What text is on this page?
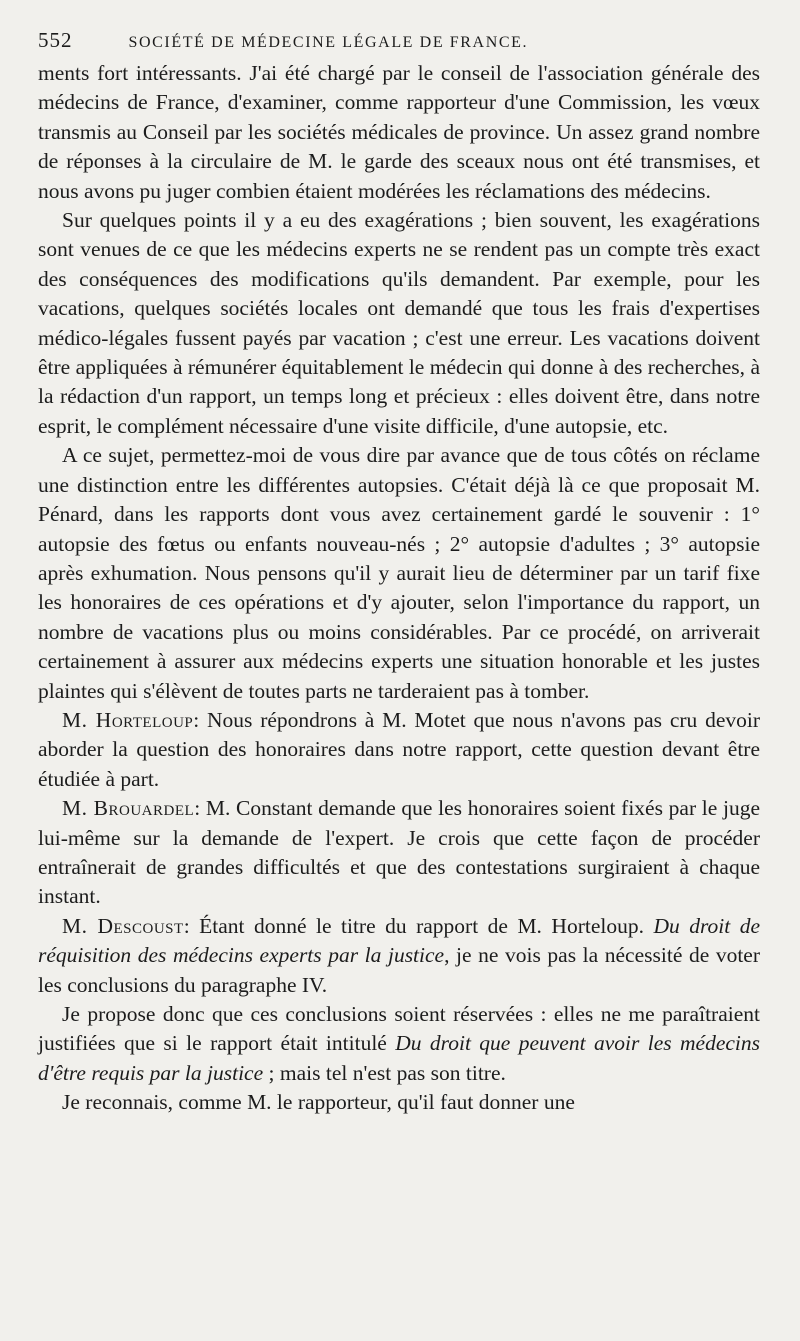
552	SOCIÉTÉ DE MÉDECINE LÉGALE DE FRANCE.

ments fort intéressants. J'ai été chargé par le conseil de l'association générale des médecins de France, d'examiner, comme rapporteur d'une Commission, les vœux transmis au Conseil par les sociétés médicales de province. Un assez grand nombre de réponses à la circulaire de M. le garde des sceaux nous ont été transmises, et nous avons pu juger combien étaient modérées les réclamations des médecins.

Sur quelques points il y a eu des exagérations ; bien souvent, les exagérations sont venues de ce que les médecins experts ne se rendent pas un compte très exact des conséquences des modifications qu'ils demandent. Par exemple, pour les vacations, quelques sociétés locales ont demandé que tous les frais d'expertises médico-légales fussent payés par vacation ; c'est une erreur. Les vacations doivent être appliquées à rémunérer équitablement le médecin qui donne à des recherches, à la rédaction d'un rapport, un temps long et précieux : elles doivent être, dans notre esprit, le complément nécessaire d'une visite difficile, d'une autopsie, etc.

A ce sujet, permettez-moi de vous dire par avance que de tous côtés on réclame une distinction entre les différentes autopsies. C'était déjà là ce que proposait M. Pénard, dans les rapports dont vous avez certainement gardé le souvenir : 1° autopsie des fœtus ou enfants nouveau-nés ; 2° autopsie d'adultes ; 3° autopsie après exhumation. Nous pensons qu'il y aurait lieu de déterminer par un tarif fixe les honoraires de ces opérations et d'y ajouter, selon l'importance du rapport, un nombre de vacations plus ou moins considérables. Par ce procédé, on arriverait certainement à assurer aux médecins experts une situation honorable et les justes plaintes qui s'élèvent de toutes parts ne tarderaient pas à tomber.

M. Horteloup: Nous répondrons à M. Motet que nous n'avons pas cru devoir aborder la question des honoraires dans notre rapport, cette question devant être étudiée à part.

M. Brouardel: M. Constant demande que les honoraires soient fixés par le juge lui-même sur la demande de l'expert. Je crois que cette façon de procéder entraînerait de grandes difficultés et que des contestations surgiraient à chaque instant.

M. Descoust: Étant donné le titre du rapport de M. Horteloup. Du droit de réquisition des médecins experts par la justice, je ne vois pas la nécessité de voter les conclusions du paragraphe IV.

Je propose donc que ces conclusions soient réservées : elles ne me paraîtraient justifiées que si le rapport était intitulé Du droit que peuvent avoir les médecins d'être requis par la justice ; mais tel n'est pas son titre.

Je reconnais, comme M. le rapporteur, qu'il faut donner une
